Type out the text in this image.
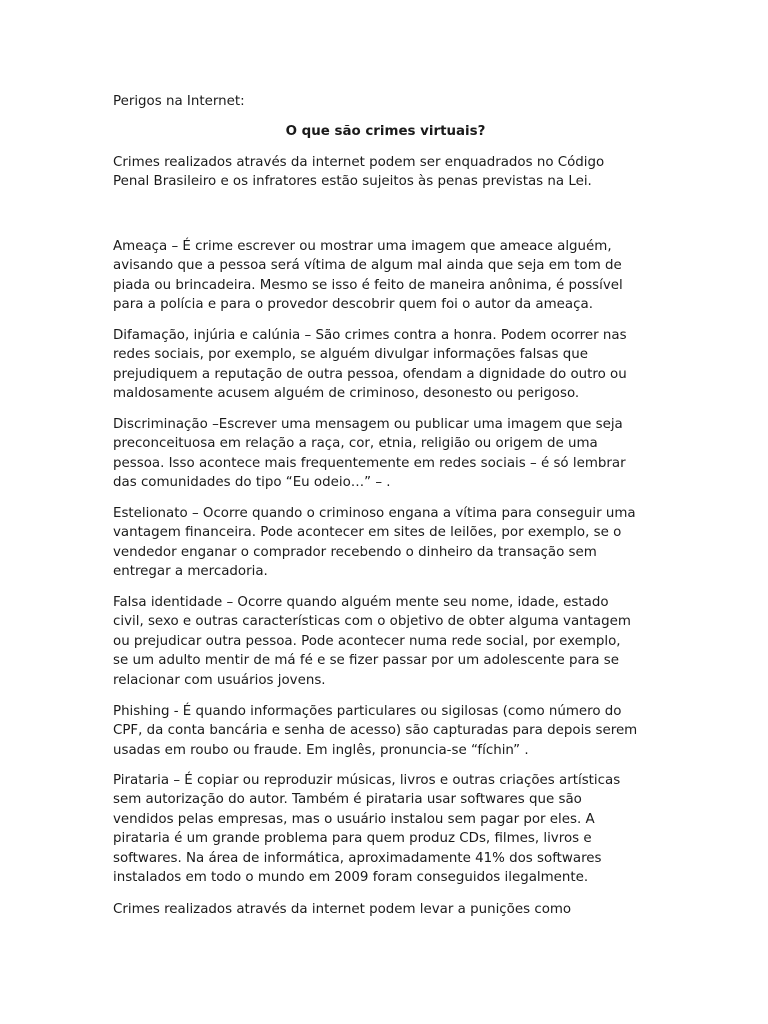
Perigos na Internet:
O que são crimes virtuais?

Crimes realizados através da internet podem ser enquadrados no Código
Penal Brasileiro e os infratores estão sujeitos às penas previstas na Lei.

Ameaça – É crime escrever ou mostrar uma imagem que ameace alguém,
avisando que a pessoa será vítima de algum mal ainda que seja em tom de
piada ou brincadeira. Mesmo se isso é feito de maneira anônima, é possível
para a polícia e para o provedor descobrir quem foi o autor da ameaça.

Difamação, injúria e calúnia – São crimes contra a honra. Podem ocorrer nas
redes sociais, por exemplo, se alguém divulgar informações falsas que
prejudiquem a reputação de outra pessoa, ofendam a dignidade do outro ou
maldosamente acusem alguém de criminoso, desonesto ou perigoso.

Discriminação –Escrever uma mensagem ou publicar uma imagem que seja
preconceituosa em relação a raça, cor, etnia, religião ou origem de uma
pessoa. Isso acontece mais frequentemente em redes sociais – é só lembrar
das comunidades do tipo “Eu odeio…” – .

Estelionato – Ocorre quando o criminoso engana a vítima para conseguir uma
vantagem financeira. Pode acontecer em sites de leilões, por exemplo, se o
vendedor enganar o comprador recebendo o dinheiro da transação sem
entregar a mercadoria.

Falsa identidade – Ocorre quando alguém mente seu nome, idade, estado
civil, sexo e outras características com o objetivo de obter alguma vantagem
ou prejudicar outra pessoa. Pode acontecer numa rede social, por exemplo,
se um adulto mentir de má fé e se fizer passar por um adolescente para se
relacionar com usuários jovens.

Phishing - É quando informações particulares ou sigilosas (como número do
CPF, da conta bancária e senha de acesso) são capturadas para depois serem
usadas em roubo ou fraude. Em inglês, pronuncia-se “fíchin” .

Pirataria – É copiar ou reproduzir músicas, livros e outras criações artísticas
sem autorização do autor. Também é pirataria usar softwares que são
vendidos pelas empresas, mas o usuário instalou sem pagar por eles. A
pirataria é um grande problema para quem produz CDs, filmes, livros e
softwares. Na área de informática, aproximadamente 41% dos softwares
instalados em todo o mundo em 2009 foram conseguidos ilegalmente.

Crimes realizados através da internet podem levar a punições como
